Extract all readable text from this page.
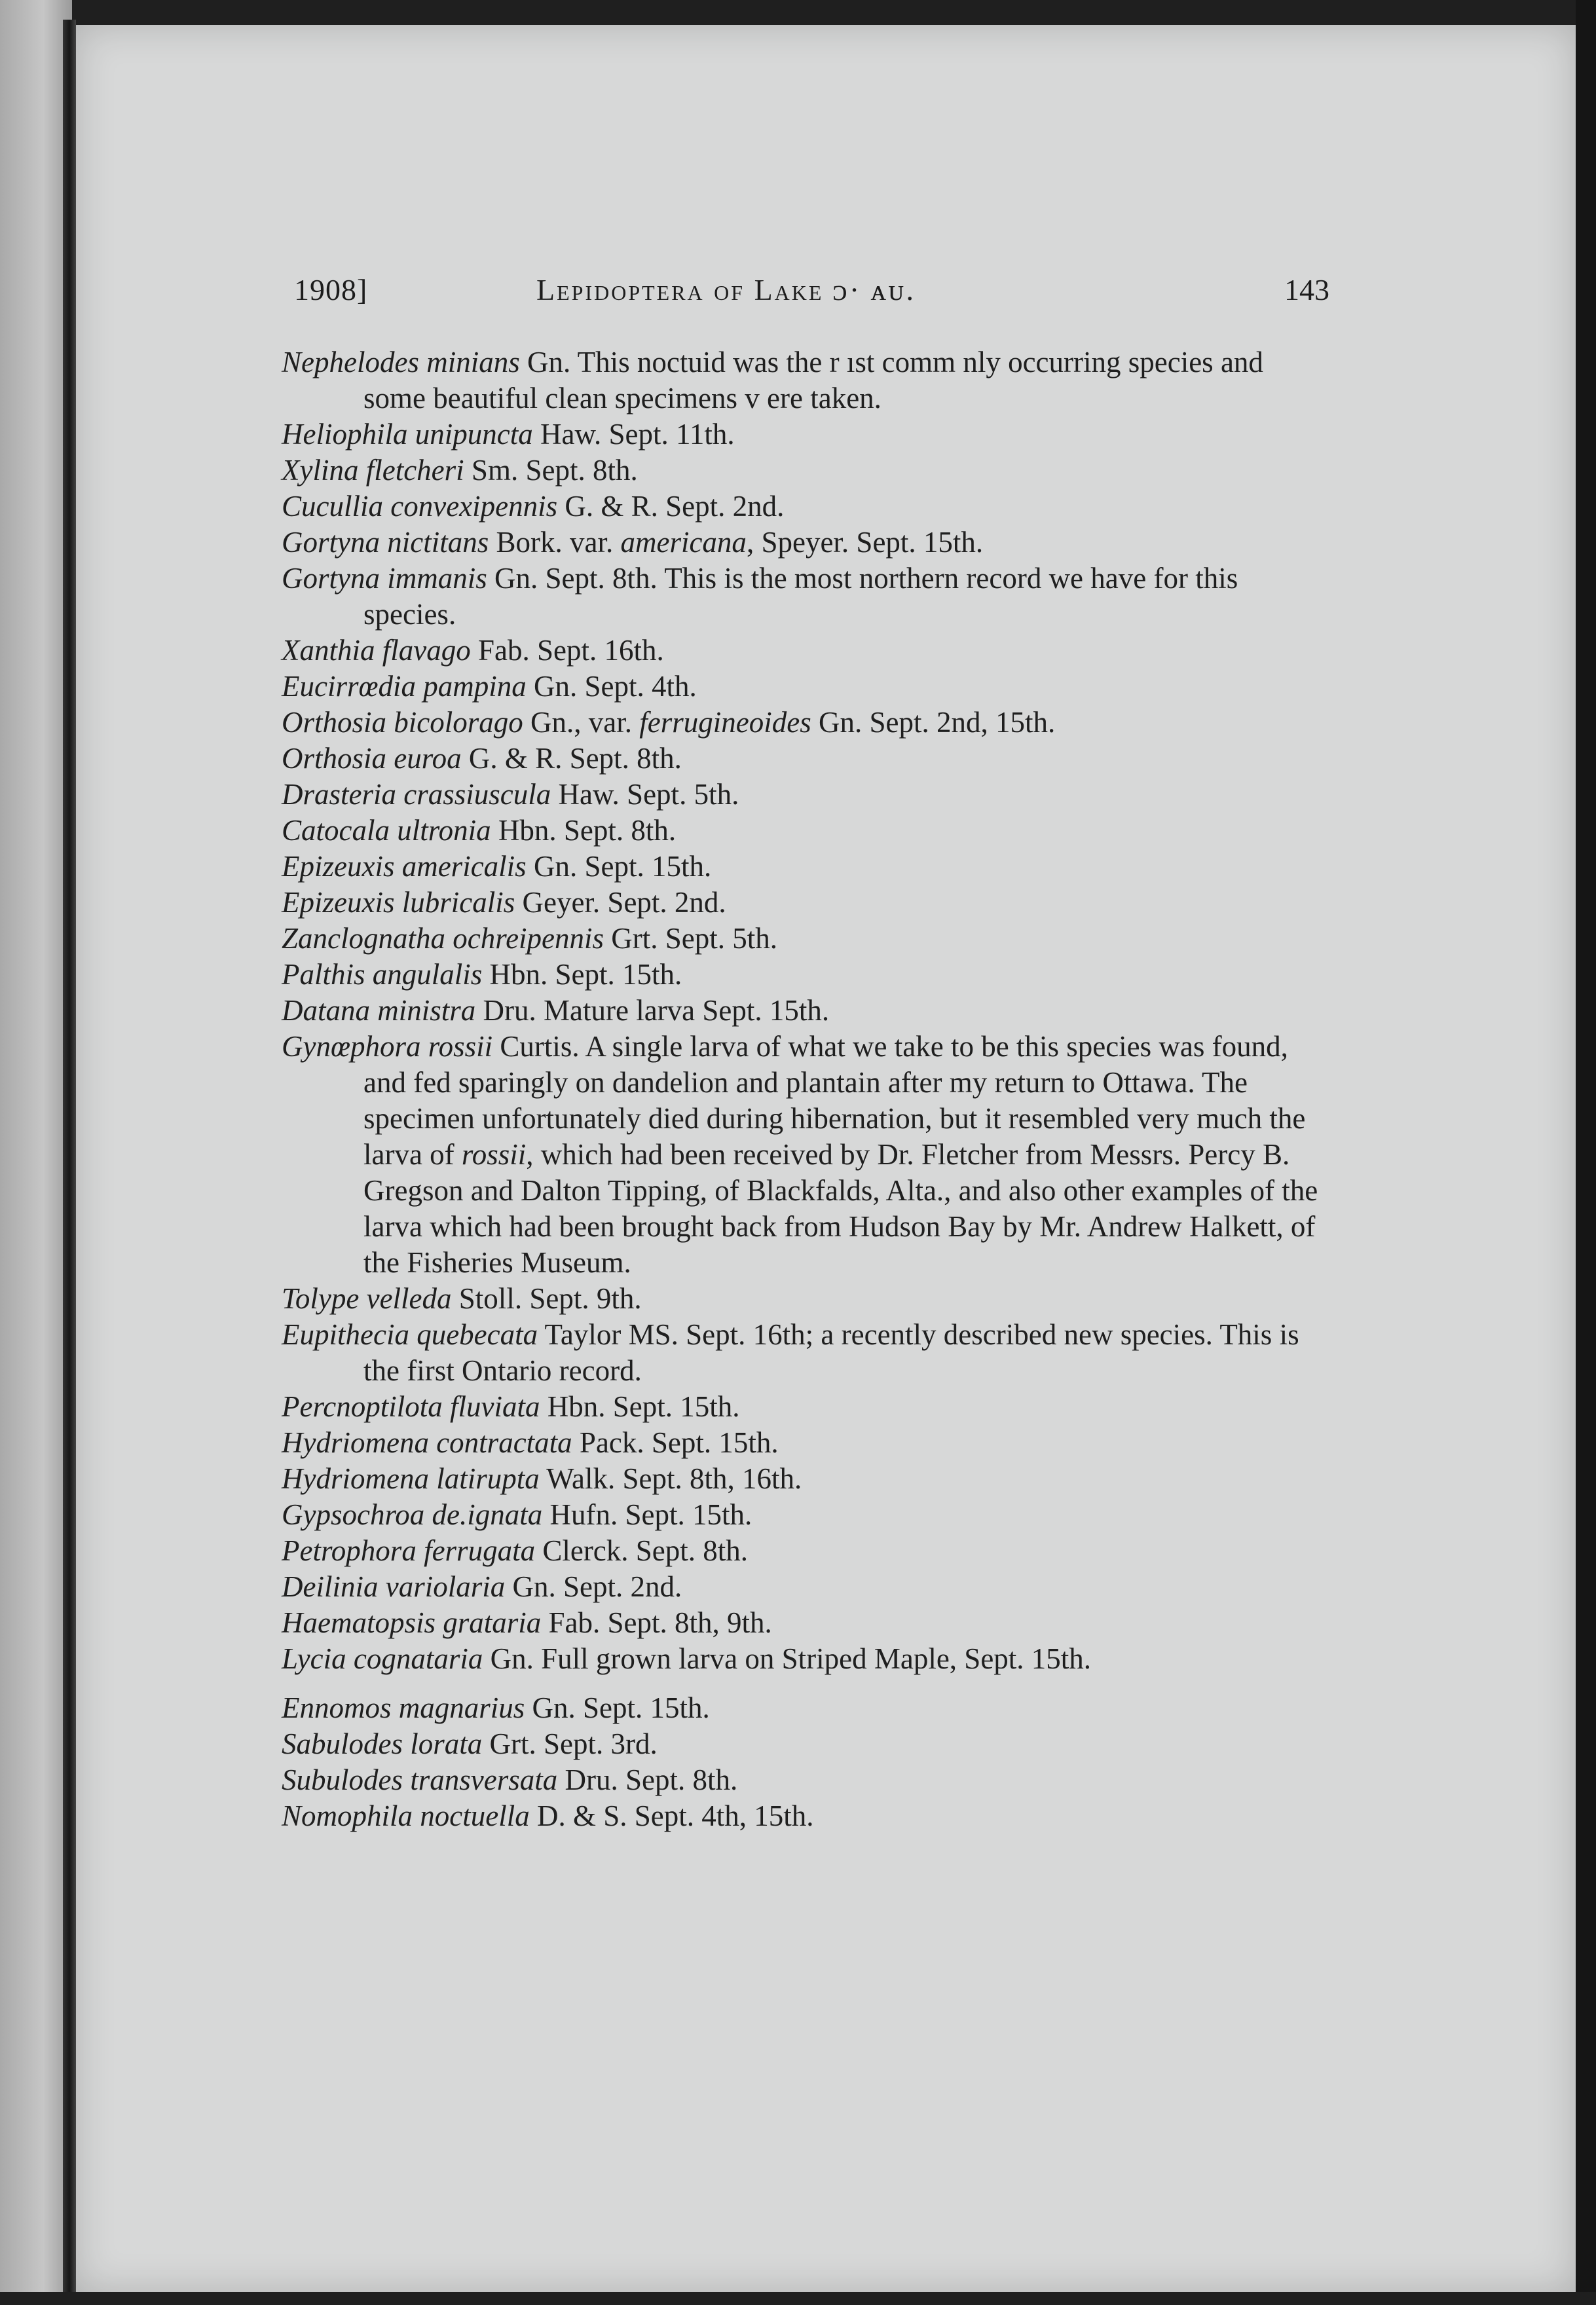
1908]	Lepidoptera of Lake ᴐ· ᴀᴜ.	143

Nephelodes minians Gn. This noctuid was the r ıst comm nly occurring species and some beautiful clean specimens v ere taken.

Heliophila unipuncta Haw. Sept. 11th.

Xylina fletcheri Sm. Sept. 8th.

Cucullia convexipennis G. & R. Sept. 2nd.

Gortyna nictitans Bork. var. americana, Speyer. Sept. 15th.

Gortyna immanis Gn. Sept. 8th. This is the most northern record we have for this species.

Xanthia flavago Fab. Sept. 16th.

Eucirrœdia pampina Gn. Sept. 4th.

Orthosia bicolorago Gn., var. ferrugineoides Gn. Sept. 2nd, 15th.

Orthosia euroa G. & R. Sept. 8th.

Drasteria crassiuscula Haw. Sept. 5th.

Catocala ultronia Hbn. Sept. 8th.

Epizeuxis americalis Gn. Sept. 15th.

Epizeuxis lubricalis Geyer. Sept. 2nd.

Zanclognatha ochreipennis Grt. Sept. 5th.

Palthis angulalis Hbn. Sept. 15th.

Datana ministra Dru. Mature larva Sept. 15th.

Gynœphora rossii Curtis. A single larva of what we take to be this species was found, and fed sparingly on dandelion and plantain after my return to Ottawa. The specimen unfortunately died during hibernation, but it resembled very much the larva of rossii, which had been received by Dr. Fletcher from Messrs. Percy B. Gregson and Dalton Tipping, of Blackfalds, Alta., and also other examples of the larva which had been brought back from Hudson Bay by Mr. Andrew Halkett, of the Fisheries Museum.

Tolype velleda Stoll. Sept. 9th.

Eupithecia quebecata Taylor MS. Sept. 16th; a recently described new species. This is the first Ontario record.

Percnoptilota fluviata Hbn. Sept. 15th.

Hydriomena contractata Pack. Sept. 15th.

Hydriomena latirupta Walk. Sept. 8th, 16th.

Gypsochroa de.ignata Hufn. Sept. 15th.

Petrophora ferrugata Clerck. Sept. 8th.

Deilinia variolaria Gn. Sept. 2nd.

Haematopsis grataria Fab. Sept. 8th, 9th.

Lycia cognataria Gn. Full grown larva on Striped Maple, Sept. 15th.

Ennomos magnarius Gn. Sept. 15th.

Sabulodes lorata Grt. Sept. 3rd.

Subulodes transversata Dru. Sept. 8th.

Nomophila noctuella D. & S. Sept. 4th, 15th.
